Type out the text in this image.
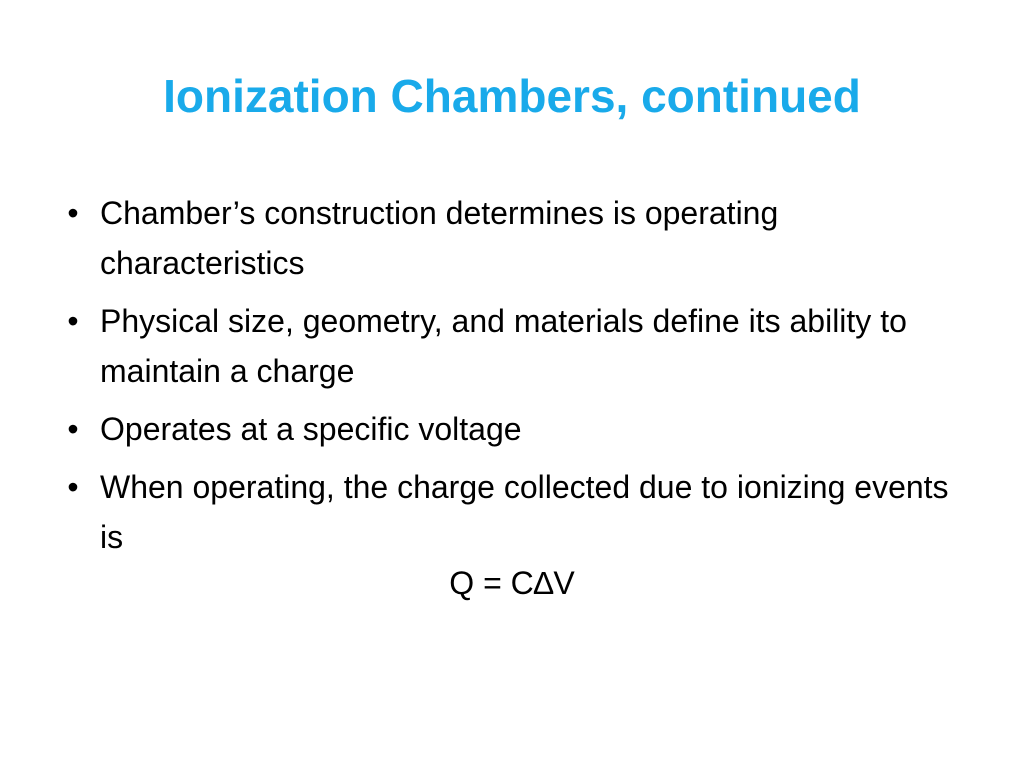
Ionization Chambers, continued
• Chamber’s construction determines is operating characteristics
• Physical size, geometry, and materials define its ability to maintain a charge
• Operates at a specific voltage
• When operating, the charge collected due to ionizing events is
Q = C∆V
